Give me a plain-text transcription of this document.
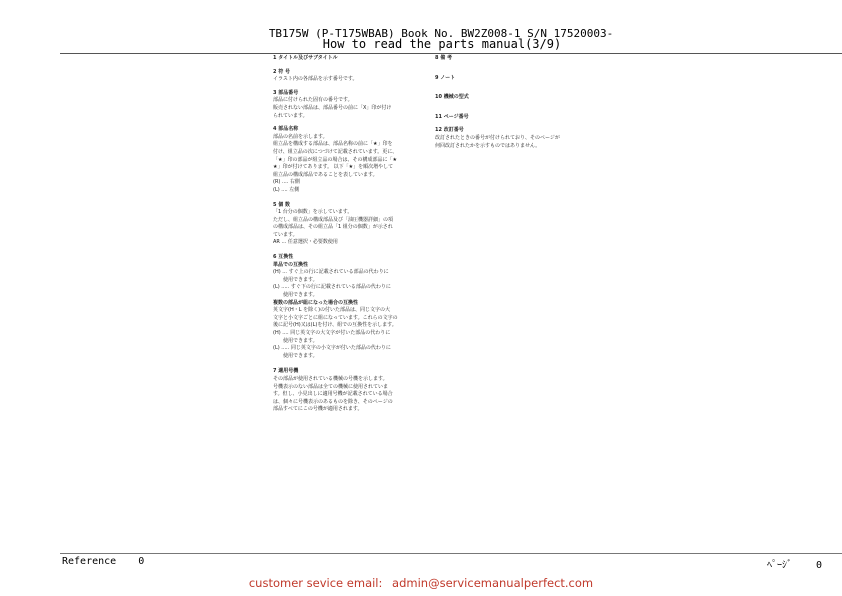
TB175W (P-T175WBAB) Book No. BW2Z008-1 S/N 17520003-
How to read the parts manual(3/9)
1 タイトル及びサブタイトル
2 符 号
イラスト内の各部品を示す番号です。
3 部品番号
部品に付けられた固有の番号です。
販売されない部品は、部品番号の前に「X」印が付け
られています。
4 部品名称
部品の名前を示します。
組立品を構成する部品は、部品名称の前に「★」印を
付け、組立品の次につづけて記載されています。更に、
「★」印の部品が組立品の場合は、その構成部品に「★
★」印が付けてあります。 以下「★」を順次増やして
組立品の構成部品であることを表しています。
(R) .... 右側
(L) .... 左側
5 個 数
「1 台分の個数」を示しています。
ただし、組立品の構成部品及び「油圧機器詳細」の項
の構成部品は、その組立品「1 組分の個数」が示され
ています。
AR ... 任意選択・必要数使用
6 互換性
単品での互換性
(H) ... すぐ上の行に記載されている部品の代わりに
使用できます。
(L) ..... すぐ下の行に記載されている部品の代わりに
使用できます。
複数の部品が組になった場合の互換性
英文字(H・L を除く)の付いた部品は、同じ文字の大
文字と小文字ごとに組になっています。これらの文字の
後に記号(H)又は(L)を付け、組での互換性を示します。
(H) .... 同じ英文字の大文字が付いた部品の代わりに
使用できます。
(L) ..... 同じ英文字の小文字が付いた部品の代わりに
使用できます。
7 適用号機
その部品が使用されている機械の号機を示します。
号機表示のない部品は全ての機械に使用されていま
す。但し、小見出しに適用号機が記載されている場合
は、個々に号機表示のあるものを除き、そのページの
部品すべてにこの号機が適用されます。
8 備 考
9 ノート
10 機械の型式
11 ページ番号
12 改訂番号
改訂されたときの番号が付けられており、そのページが
何回改訂されたかを示すものではありません。
Reference 0	ﾍﾟｰｼﾞ 0
customer sevice email: admin@servicemanualperfect.com
